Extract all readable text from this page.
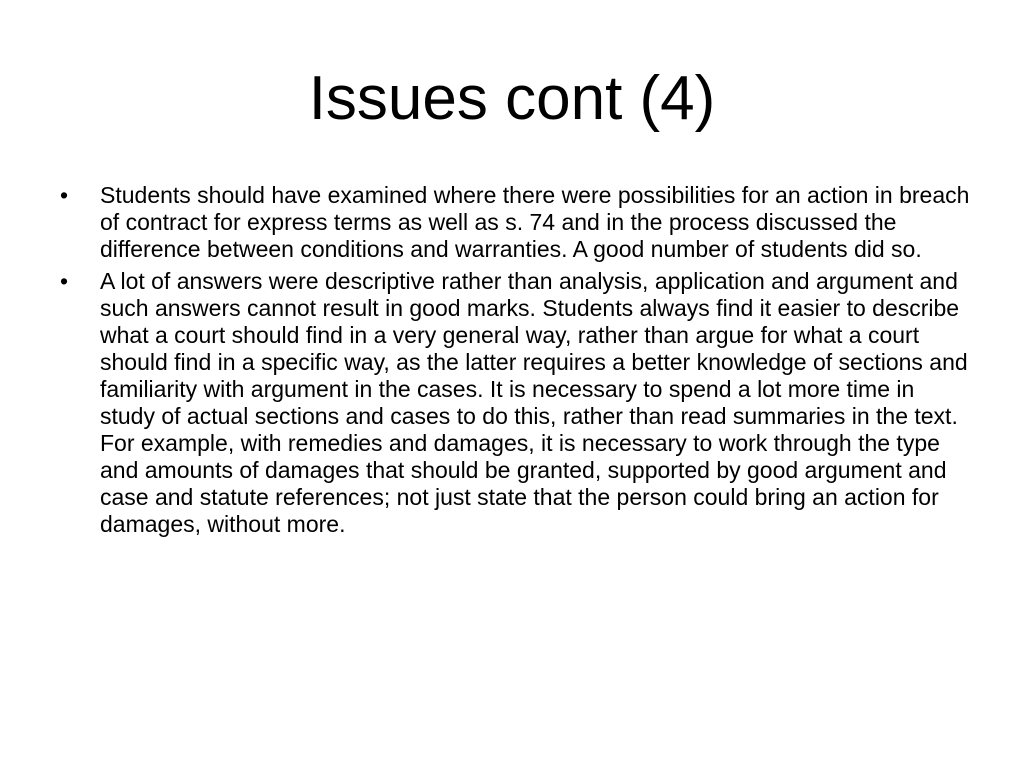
Issues cont (4)
• Students should have examined where there were possibilities for an action in breach of contract for express terms as well as s. 74 and in the process discussed the difference between conditions and warranties. A good number of students did so.
• A lot of answers were descriptive rather than analysis, application and argument and such answers cannot result in good marks. Students always find it easier to describe what a court should find in a very general way, rather than argue for what a court should find in a specific way, as the latter requires a better knowledge of sections and familiarity with argument in the cases. It is necessary to spend a lot more time in study of actual sections and cases to do this, rather than read summaries in the text. For example, with remedies and damages, it is necessary to work through the type and amounts of damages that should be granted, supported by good argument and case and statute references; not just state that the person could bring an action for damages, without more.
